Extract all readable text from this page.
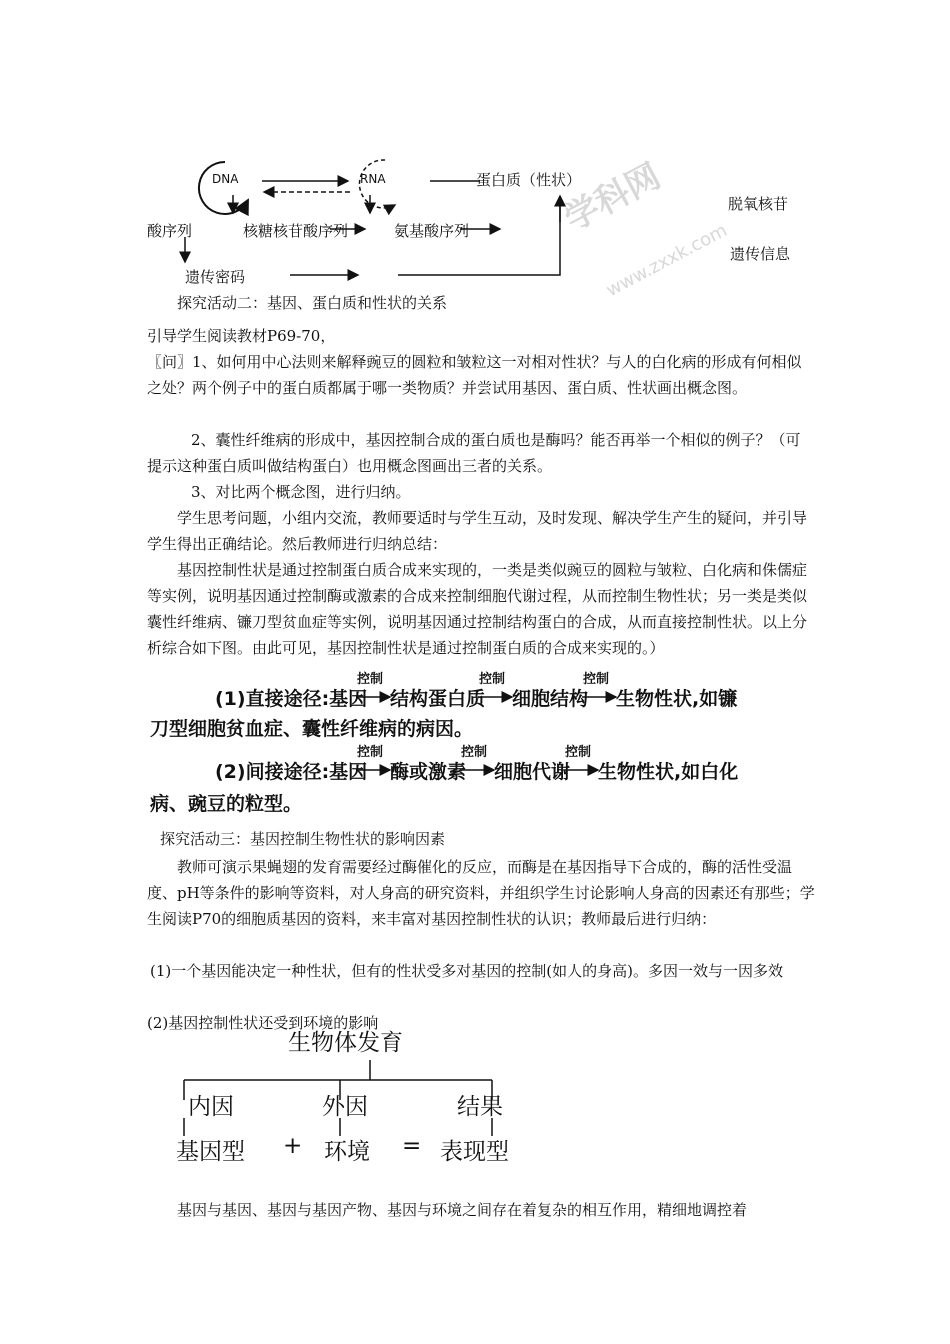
学科网
www.zxxk.com
DNA	RNA	蛋白质（性状）
脱氧核苷
酸序列	核糖核苷酸序列	氨基酸序列
遗传信息
遗传密码
探究活动二：基因、蛋白质和性状的关系
引导学生阅读教材P69-70，
〖问〗1、如何用中心法则来解释豌豆的圆粒和皱粒这一对相对性状？与人的白化病的形成有何相似之处？两个例子中的蛋白质都属于哪一类物质？并尝试用基因、蛋白质、性状画出概念图。
2、囊性纤维病的形成中，基因控制合成的蛋白质也是酶吗？能否再举一个相似的例子？（可提示这种蛋白质叫做结构蛋白）也用概念图画出三者的关系。
3、对比两个概念图，进行归纳。
学生思考问题，小组内交流，教师要适时与学生互动，及时发现、解决学生产生的疑问，并引导学生得出正确结论。然后教师进行归纳总结：
基因控制性状是通过控制蛋白质合成来实现的，一类是类似豌豆的圆粒与皱粒、白化病和侏儒症等实例，说明基因通过控制酶或激素的合成来控制细胞代谢过程，从而控制生物性状；另一类是类似囊性纤维病、镰刀型贫血症等实例，说明基因通过控制结构蛋白的合成，从而直接控制性状。以上分析综合如下图。由此可见，基因控制性状是通过控制蛋白质的合成来实现的。）
(1)直接途径:基因
控制
结构蛋白质
控制
细胞结构
控制
生物性状,如镰
刀型细胞贫血症、囊性纤维病的病因。
(2)间接途径:基因
控制
酶或激素
控制
细胞代谢
控制
生物性状,如白化
病、豌豆的粒型。
探究活动三：基因控制生物性状的影响因素
教师可演示果蝇翅的发育需要经过酶催化的反应，而酶是在基因指导下合成的，酶的活性受温度、pH等条件的影响等资料，对人身高的研究资料，并组织学生讨论影响人身高的因素还有那些；学生阅读P70的细胞质基因的资料，来丰富对基因控制性状的认识；教师最后进行归纳：
(1)一个基因能决定一种性状，但有的性状受多对基因的控制(如人的身高)。多因一效与一因多效
(2)基因控制性状还受到环境的影响
生物体发育
内因	外因	结果
基因型 + 环境 = 表现型
基因与基因、基因与基因产物、基因与环境之间存在着复杂的相互作用，精细地调控着
